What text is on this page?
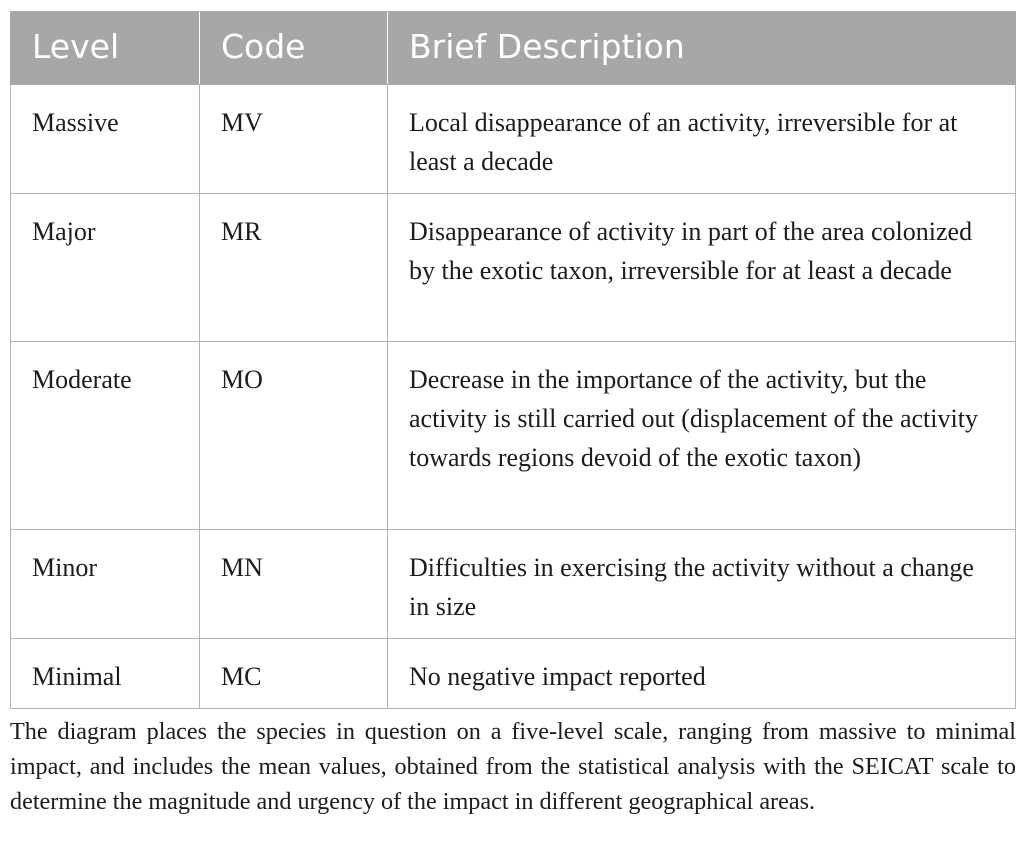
Level	Code	Brief Description
Massive	MV	Local disappearance of an activity, irreversible for at least a decade
Major	MR	Disappearance of activity in part of the area colonized by the exotic taxon, irreversible for at least a decade
Moderate	MO	Decrease in the importance of the activity, but the activity is still carried out (displacement of the activity towards regions devoid of the exotic taxon)
Minor	MN	Difficulties in exercising the activity without a change in size
Minimal	MC	No negative impact reported

The diagram places the species in question on a five-level scale, ranging from massive to minimal impact, and includes the mean values, obtained from the statistical analysis with the SEICAT scale to determine the magnitude and urgency of the impact in different geographical areas.
